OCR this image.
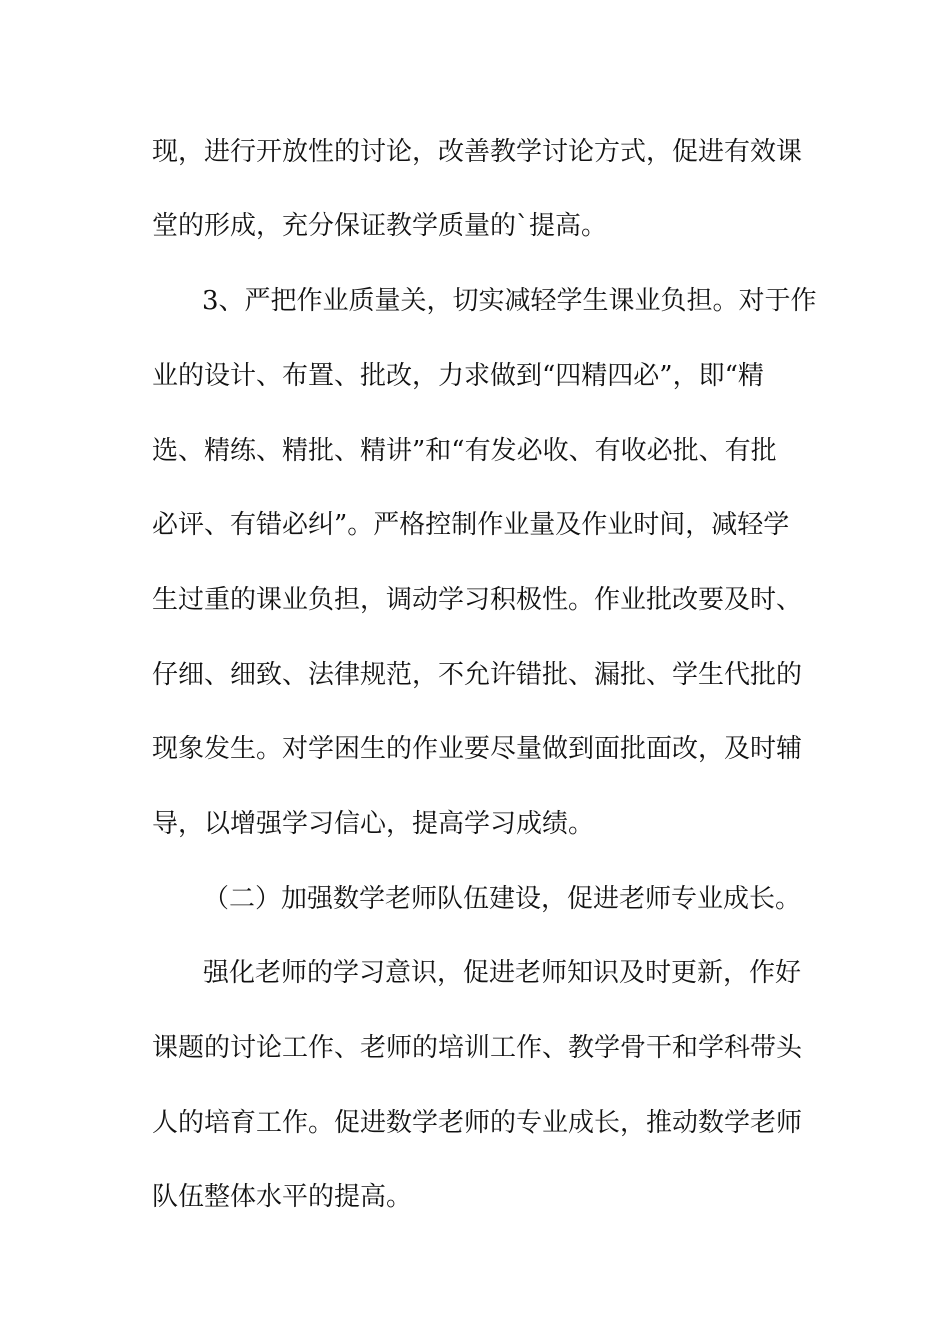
现，进行开放性的讨论，改善教学讨论方式，促进有效课
堂的形成，充分保证教学质量的`提高。
3、严把作业质量关，切实减轻学生课业负担。对于作
业的设计、布置、批改，力求做到“四精四必”，即“精
选、精练、精批、精讲”和“有发必收、有收必批、有批
必评、有错必纠”。严格控制作业量及作业时间，减轻学
生过重的课业负担，调动学习积极性。作业批改要及时、
仔细、细致、法律规范，不允许错批、漏批、学生代批的
现象发生。对学困生的作业要尽量做到面批面改，及时辅
导，以增强学习信心，提高学习成绩。
（二）加强数学老师队伍建设，促进老师专业成长。
强化老师的学习意识，促进老师知识及时更新，作好
课题的讨论工作、老师的培训工作、教学骨干和学科带头
人的培育工作。促进数学老师的专业成长，推动数学老师
队伍整体水平的提高。
